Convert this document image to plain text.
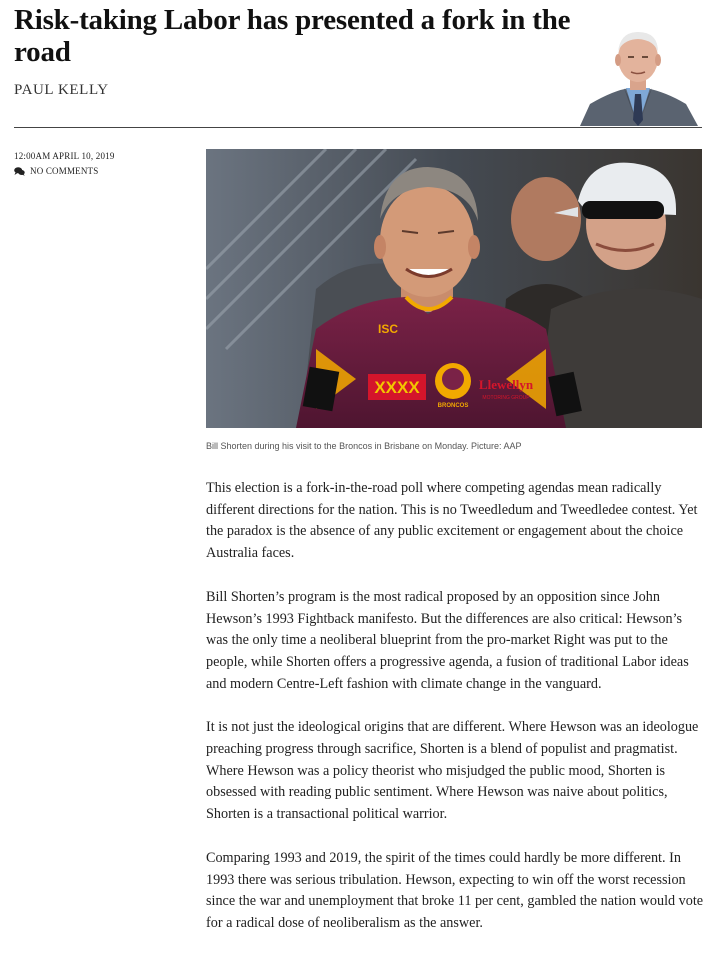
Risk-taking Labor has presented a fork in the road
PAUL KELLY
12:00AM APRIL 10, 2019
NO COMMENTS
XXXX
ISC
BRONCOS
Llewellyn
MOTORING GROUP
Bill Shorten during his visit to the Broncos in Brisbane on Monday. Picture: AAP

This election is a fork-in-the-road poll where competing agendas mean radically different directions for the nation. This is no Tweedledum and Tweedledee contest. Yet the paradox is the absence of any public excitement or engagement about the choice Australia faces.

Bill Shorten’s program is the most radical proposed by an opposition since John Hewson’s 1993 Fightback manifesto. But the differences are also critical: Hewson’s was the only time a neoliberal blueprint from the pro-market Right was put to the people, while Shorten offers a progressive agenda, a fusion of traditional Labor ideas and modern Centre-Left fashion with climate change in the vanguard.

It is not just the ideological origins that are different. Where Hewson was an ideologue preaching progress through sacrifice, Shorten is a blend of populist and pragmatist. Where Hewson was a policy theorist who misjudged the public mood, Shorten is obsessed with reading public sentiment. Where Hewson was naive about politics, Shorten is a transactional political warrior.

Comparing 1993 and 2019, the spirit of the times could hardly be more different. In 1993 there was serious tribulation. Hewson, expecting to win off the worst recession since the war and unemployment that broke 11 per cent, gambled the nation would vote for a radical dose of neoliberalism as the answer.
